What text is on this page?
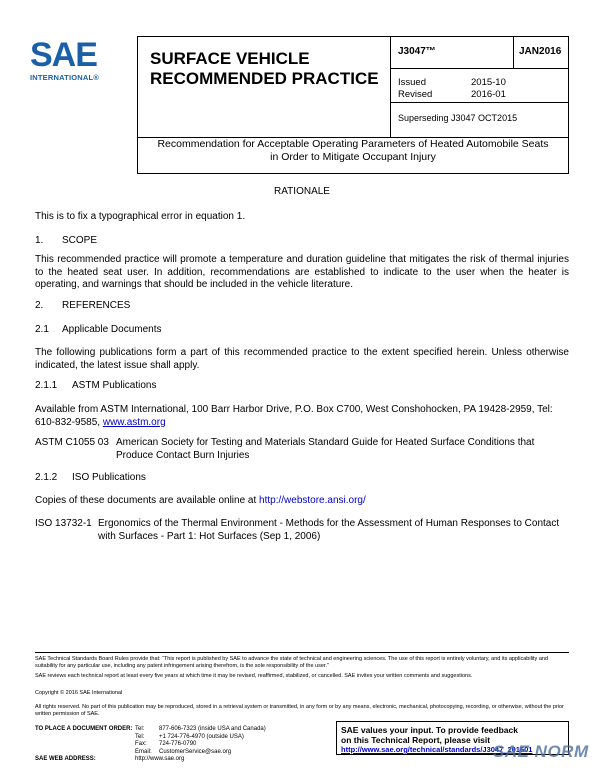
SAE
INTERNATIONAL®
SURFACE VEHICLE
RECOMMENDED PRACTICE
J3047™	JAN2016
Issued	2015-10
Revised	2016-01
Superseding J3047 OCT2015
Recommendation for Acceptable Operating Parameters of Heated Automobile Seats
in Order to Mitigate Occupant Injury
RATIONALE
This is to fix a typographical error in equation 1.
1. SCOPE
This recommended practice will promote a temperature and duration guideline that mitigates the risk of thermal injuries to the heated seat user. In addition, recommendations are established to indicate to the user when the heater is operating, and warnings that should be included in the vehicle literature.
2. REFERENCES
2.1 Applicable Documents
The following publications form a part of this recommended practice to the extent specified herein. Unless otherwise indicated, the latest issue shall apply.
2.1.1 ASTM Publications
Available from ASTM International, 100 Barr Harbor Drive, P.O. Box C700, West Conshohocken, PA 19428-2959, Tel: 610-832-9585, www.astm.org
ASTM C1055 03 American Society for Testing and Materials Standard Guide for Heated Surface Conditions that Produce Contact Burn Injuries
2.1.2 ISO Publications
Copies of these documents are available online at http://webstore.ansi.org/
ISO 13732-1 Ergonomics of the Thermal Environment - Methods for the Assessment of Human Responses to Contact with Surfaces - Part 1: Hot Surfaces (Sep 1, 2006)
SAE Technical Standards Board Rules provide that: “This report is published by SAE to advance the state of technical and engineering sciences. The use of this report is entirely voluntary, and its applicability and suitability for any particular use, including any patent infringement arising therefrom, is the sole responsibility of the user.”
SAE reviews each technical report at least every five years at which time it may be revised, reaffirmed, stabilized, or cancelled. SAE invites your written comments and suggestions.
Copyright © 2016 SAE International
All rights reserved. No part of this publication may be reproduced, stored in a retrieval system or transmitted, in any form or by any means, electronic, mechanical, photocopying, recording, or otherwise, without the prior written permission of SAE.
TO PLACE A DOCUMENT ORDER: Tel:	877-606-7323 (inside USA and Canada)
Tel:	+1 724-776-4970 (outside USA)
Fax:	724-776-0790
Email:	CustomerService@sae.org
SAE WEB ADDRESS:	http://www.sae.org
SAE values your input. To provide feedback
on this Technical Report, please visit
http://www.sae.org/technical/standards/J3047_201601
SAE NORM
